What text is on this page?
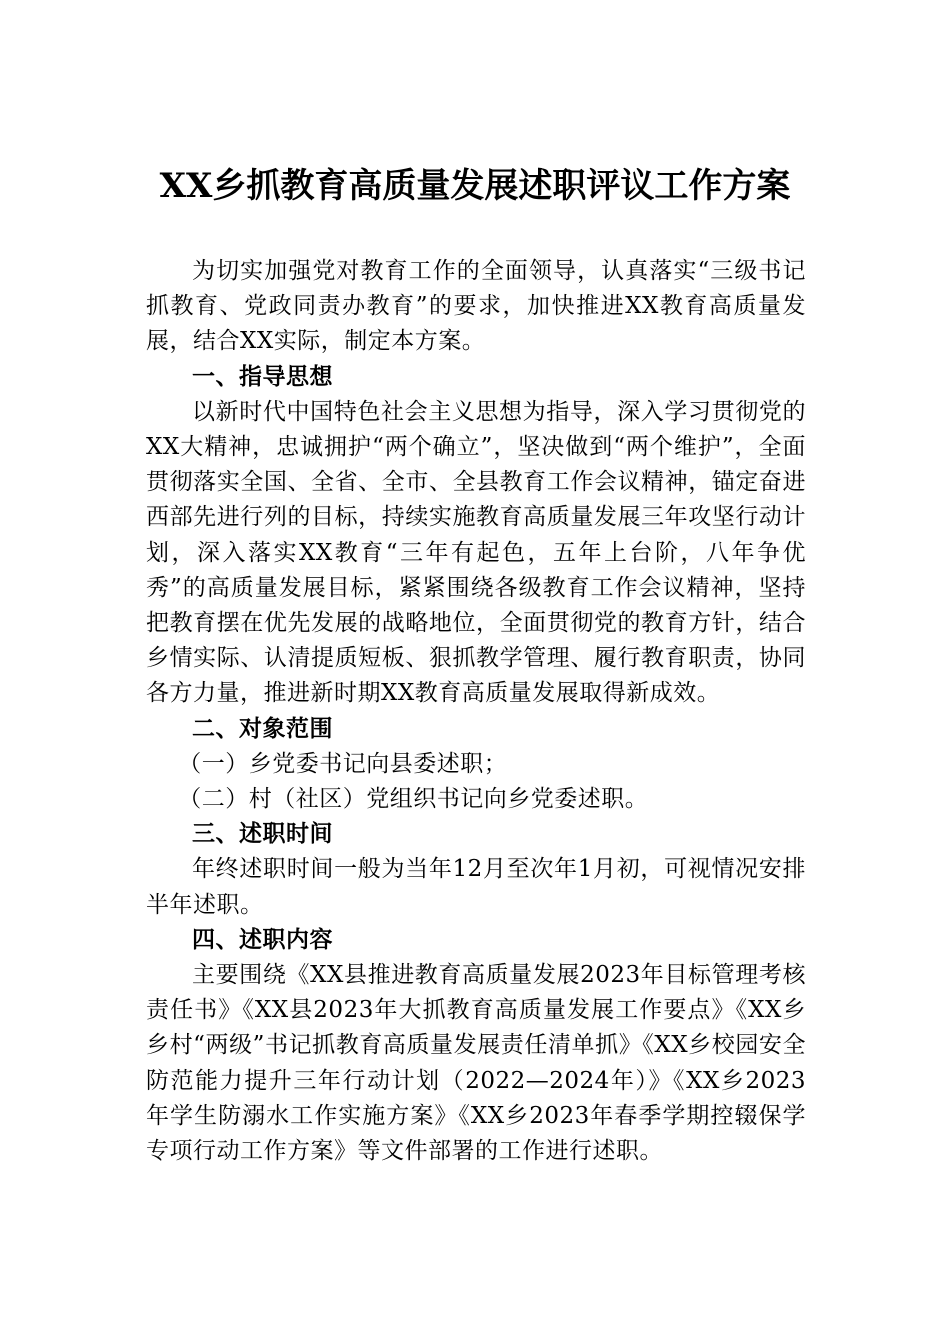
XX乡抓教育高质量发展述职评议工作方案

为切实加强党对教育工作的全面领导，认真落实“三级书记抓教育、党政同责办教育”的要求，加快推进XX教育高质量发展，结合XX实际，制定本方案。

一、指导思想

以新时代中国特色社会主义思想为指导，深入学习贯彻党的XX大精神，忠诚拥护“两个确立”，坚决做到“两个维护”，全面贯彻落实全国、全省、全市、全县教育工作会议精神，锚定奋进西部先进行列的目标，持续实施教育高质量发展三年攻坚行动计划，深入落实XX教育“三年有起色，五年上台阶，八年争优秀”的高质量发展目标，紧紧围绕各级教育工作会议精神，坚持把教育摆在优先发展的战略地位，全面贯彻党的教育方针，结合乡情实际、认清提质短板、狠抓教学管理、履行教育职责，协同各方力量，推进新时期XX教育高质量发展取得新成效。

二、对象范围

（一）乡党委书记向县委述职；

（二）村（社区）党组织书记向乡党委述职。

三、述职时间

年终述职时间一般为当年12月至次年1月初，可视情况安排半年述职。

四、述职内容

主要围绕《XX县推进教育高质量发展2023年目标管理考核责任书》《XX县2023年大抓教育高质量发展工作要点》《XX乡乡村“两级”书记抓教育高质量发展责任清单抓》《XX乡校园安全防范能力提升三年行动计划（2022—2024年）》《XX乡2023年学生防溺水工作实施方案》《XX乡2023年春季学期控辍保学专项行动工作方案》等文件部署的工作进行述职。
